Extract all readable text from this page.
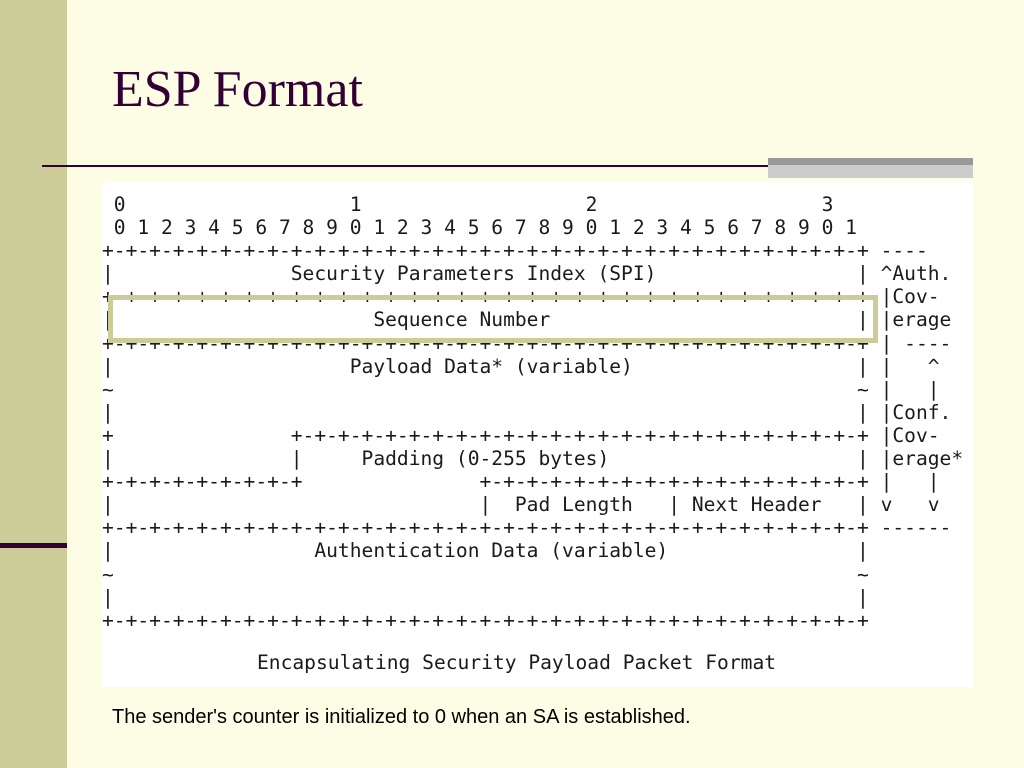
ESP Format
0                   1                   2                   3
0 1 2 3 4 5 6 7 8 9 0 1 2 3 4 5 6 7 8 9 0 1 2 3 4 5 6 7 8 9 0 1
+-+-+-+-+-+-+-+-+-+-+-+-+-+-+-+-+-+-+-+-+-+-+-+-+-+-+-+-+-+-+-+-+ ----
|               Security Parameters Index (SPI)                 | ^Auth.
+-+-+-+-+-+-+-+-+-+-+-+-+-+-+-+-+-+-+-+-+-+-+-+-+-+-+-+-+-+-+-+-+ |Cov-
|                      Sequence Number                          | |erage
+-+-+-+-+-+-+-+-+-+-+-+-+-+-+-+-+-+-+-+-+-+-+-+-+-+-+-+-+-+-+-+-+ | ----
|                    Payload Data* (variable)                   | |   ^
~                                                               ~ |   |
|                                                               | |Conf.
+               +-+-+-+-+-+-+-+-+-+-+-+-+-+-+-+-+-+-+-+-+-+-+-+-+ |Cov-
|               |     Padding (0-255 bytes)                     | |erage*
+-+-+-+-+-+-+-+-+               +-+-+-+-+-+-+-+-+-+-+-+-+-+-+-+-+ |   |
|                               |  Pad Length   | Next Header   | v   v
+-+-+-+-+-+-+-+-+-+-+-+-+-+-+-+-+-+-+-+-+-+-+-+-+-+-+-+-+-+-+-+-+ ------
|                 Authentication Data (variable)                |
~                                                               ~
|                                                               |
+-+-+-+-+-+-+-+-+-+-+-+-+-+-+-+-+-+-+-+-+-+-+-+-+-+-+-+-+-+-+-+-+
Encapsulating Security Payload Packet Format
The sender's counter is initialized to 0 when an SA is established.
